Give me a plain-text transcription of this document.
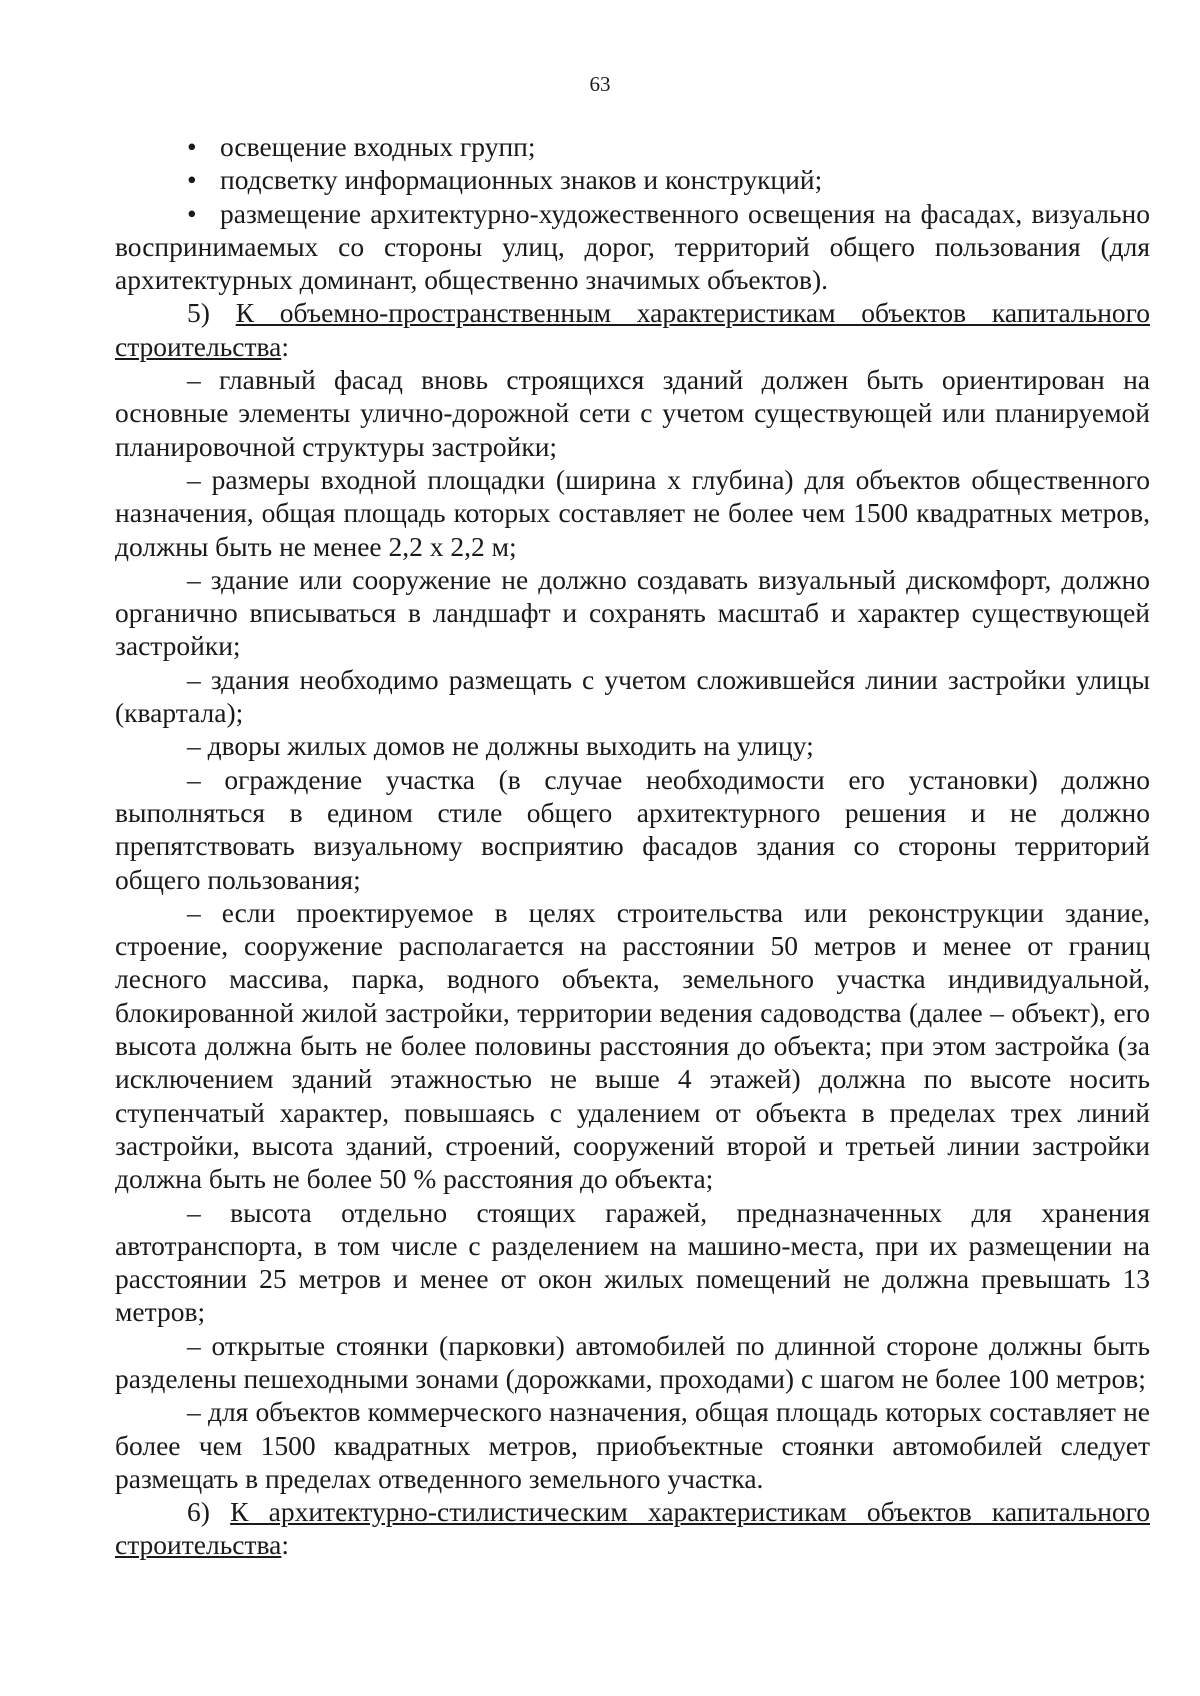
63

• освещение входных групп;

• подсветку информационных знаков и конструкций;

• размещение архитектурно-художественного освещения на фасадах, визуально воспринимаемых со стороны улиц, дорог, территорий общего пользования (для архитектурных доминант, общественно значимых объектов).

5) К объемно-пространственным характеристикам объектов капитального строительства:

– главный фасад вновь строящихся зданий должен быть ориентирован на основные элементы улично-дорожной сети с учетом существующей или планируемой планировочной структуры застройки;

– размеры входной площадки (ширина х глубина) для объектов общественного назначения, общая площадь которых составляет не более чем 1500 квадратных метров, должны быть не менее 2,2 х 2,2 м;

– здание или сооружение не должно создавать визуальный дискомфорт, должно органично вписываться в ландшафт и сохранять масштаб и характер существующей застройки;

– здания необходимо размещать с учетом сложившейся линии застройки улицы (квартала);

– дворы жилых домов не должны выходить на улицу;

– ограждение участка (в случае необходимости его установки) должно выполняться в едином стиле общего архитектурного решения и не должно препятствовать визуальному восприятию фасадов здания со стороны территорий общего пользования;

– если проектируемое в целях строительства или реконструкции здание, строение, сооружение располагается на расстоянии 50 метров и менее от границ лесного массива, парка, водного объекта, земельного участка индивидуальной, блокированной жилой застройки, территории ведения садоводства (далее – объект), его высота должна быть не более половины расстояния до объекта; при этом застройка (за исключением зданий этажностью не выше 4 этажей) должна по высоте носить ступенчатый характер, повышаясь с удалением от объекта в пределах трех линий застройки, высота зданий, строений, сооружений второй и третьей линии застройки должна быть не более 50 % расстояния до объекта;

– высота отдельно стоящих гаражей, предназначенных для хранения автотранспорта, в том числе с разделением на машино-места, при их размещении на расстоянии 25 метров и менее от окон жилых помещений не должна превышать 13 метров;

– открытые стоянки (парковки) автомобилей по длинной стороне должны быть разделены пешеходными зонами (дорожками, проходами) с шагом не более 100 метров;

– для объектов коммерческого назначения, общая площадь которых составляет не более чем 1500 квадратных метров, приобъектные стоянки автомобилей следует размещать в пределах отведенного земельного участка.

6) К архитектурно-стилистическим характеристикам объектов капитального строительства:
